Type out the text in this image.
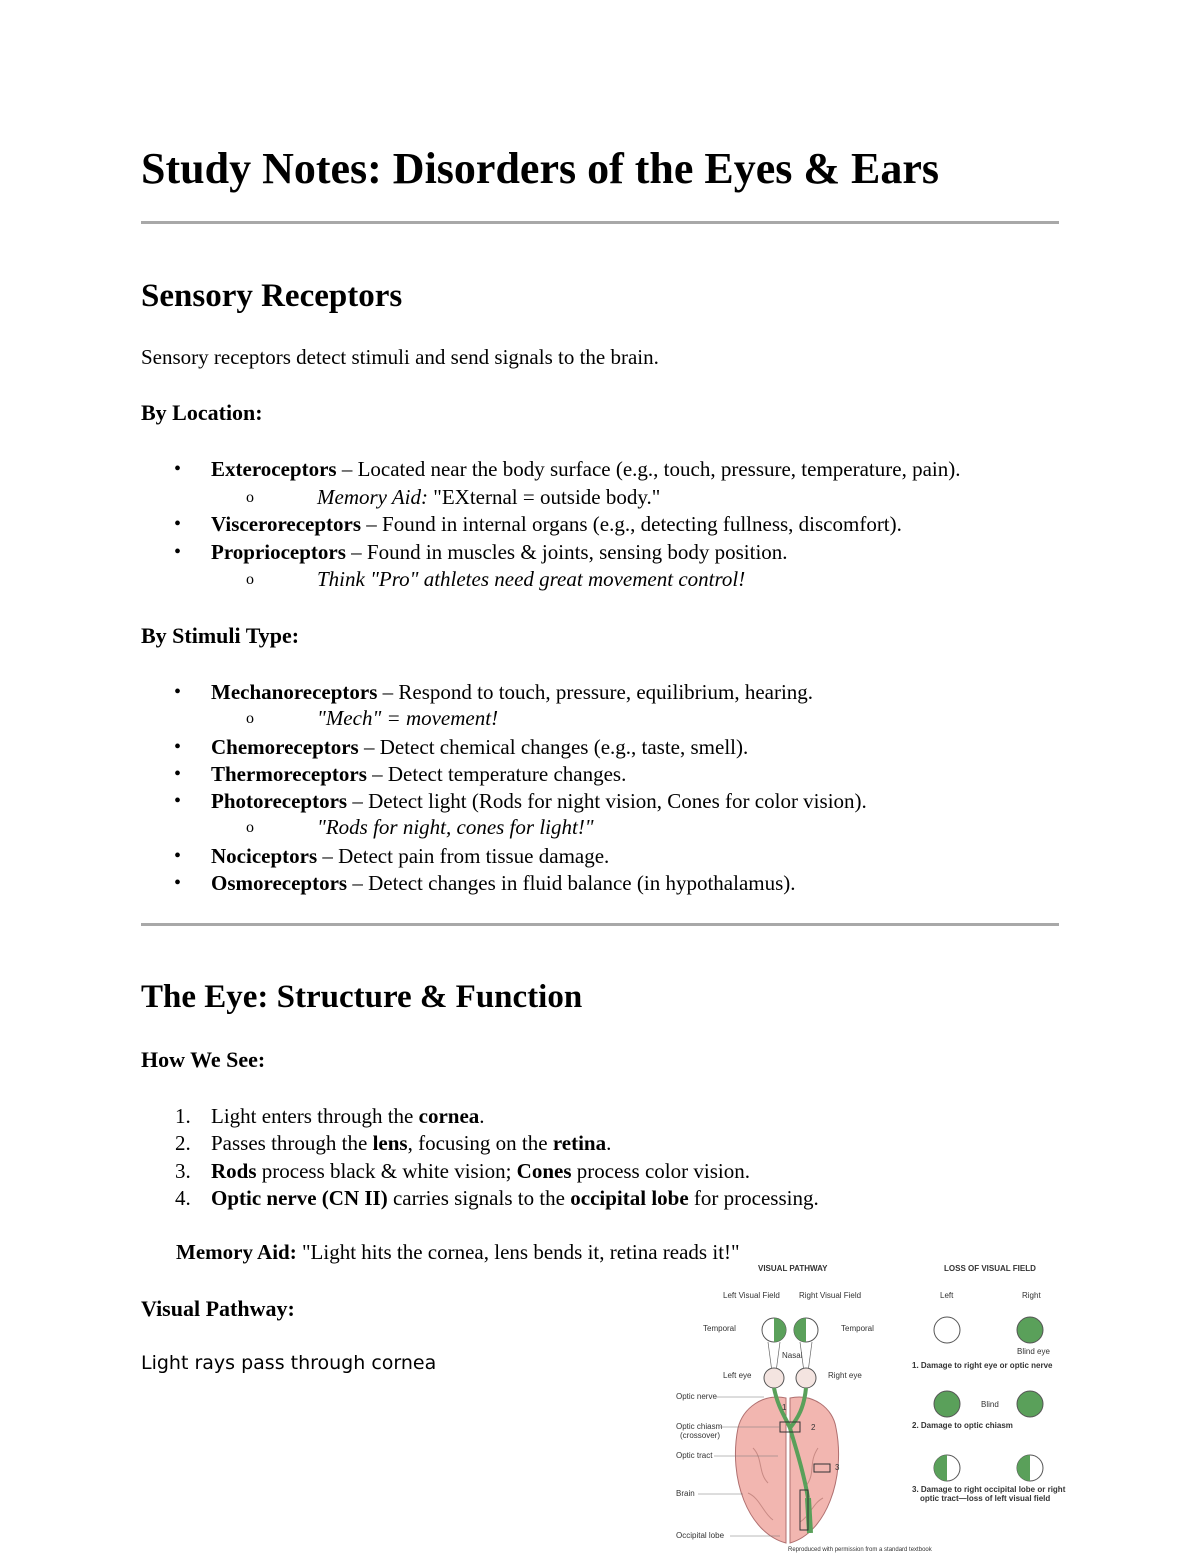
Study Notes: Disorders of the Eyes & Ears
Sensory Receptors
Sensory receptors detect stimuli and send signals to the brain.
By Location:
• Exteroceptors – Located near the body surface (e.g., touch, pressure, temperature, pain).
o	Memory Aid: "EXternal = outside body."
• Visceroreceptors – Found in internal organs (e.g., detecting fullness, discomfort).
• Proprioceptors – Found in muscles & joints, sensing body position.
o	Think "Pro" athletes need great movement control!
By Stimuli Type:
• Mechanoreceptors – Respond to touch, pressure, equilibrium, hearing.
o	"Mech" = movement!
• Chemoreceptors – Detect chemical changes (e.g., taste, smell).
• Thermoreceptors – Detect temperature changes.
• Photoreceptors – Detect light (Rods for night vision, Cones for color vision).
o	"Rods for night, cones for light!"
• Nociceptors – Detect pain from tissue damage.
• Osmoreceptors – Detect changes in fluid balance (in hypothalamus).
The Eye: Structure & Function
How We See:
1. Light enters through the cornea.
2. Passes through the lens, focusing on the retina.
3. Rods process black & white vision; Cones process color vision.
4. Optic nerve (CN II) carries signals to the occipital lobe for processing.
Memory Aid: "Light hits the cornea, lens bends it, retina reads it!"
Visual Pathway:
Light rays pass through cornea
VISUAL PATHWAY	LOSS OF VISUAL FIELD
Left Visual Field Right Visual Field
Temporal	Temporal
Nasal
Left eye	Right eye
1
2
3
Optic nerve
Optic chiasm
(crossover)
Optic tract
Brain
Occipital lobe
Left	Right
Blind eye
1. Damage to right eye or optic nerve
Blind
2. Damage to optic chiasm
3. Damage to right occipital lobe or right
optic tract—loss of left visual field
Reproduced with permission from a standard textbook
